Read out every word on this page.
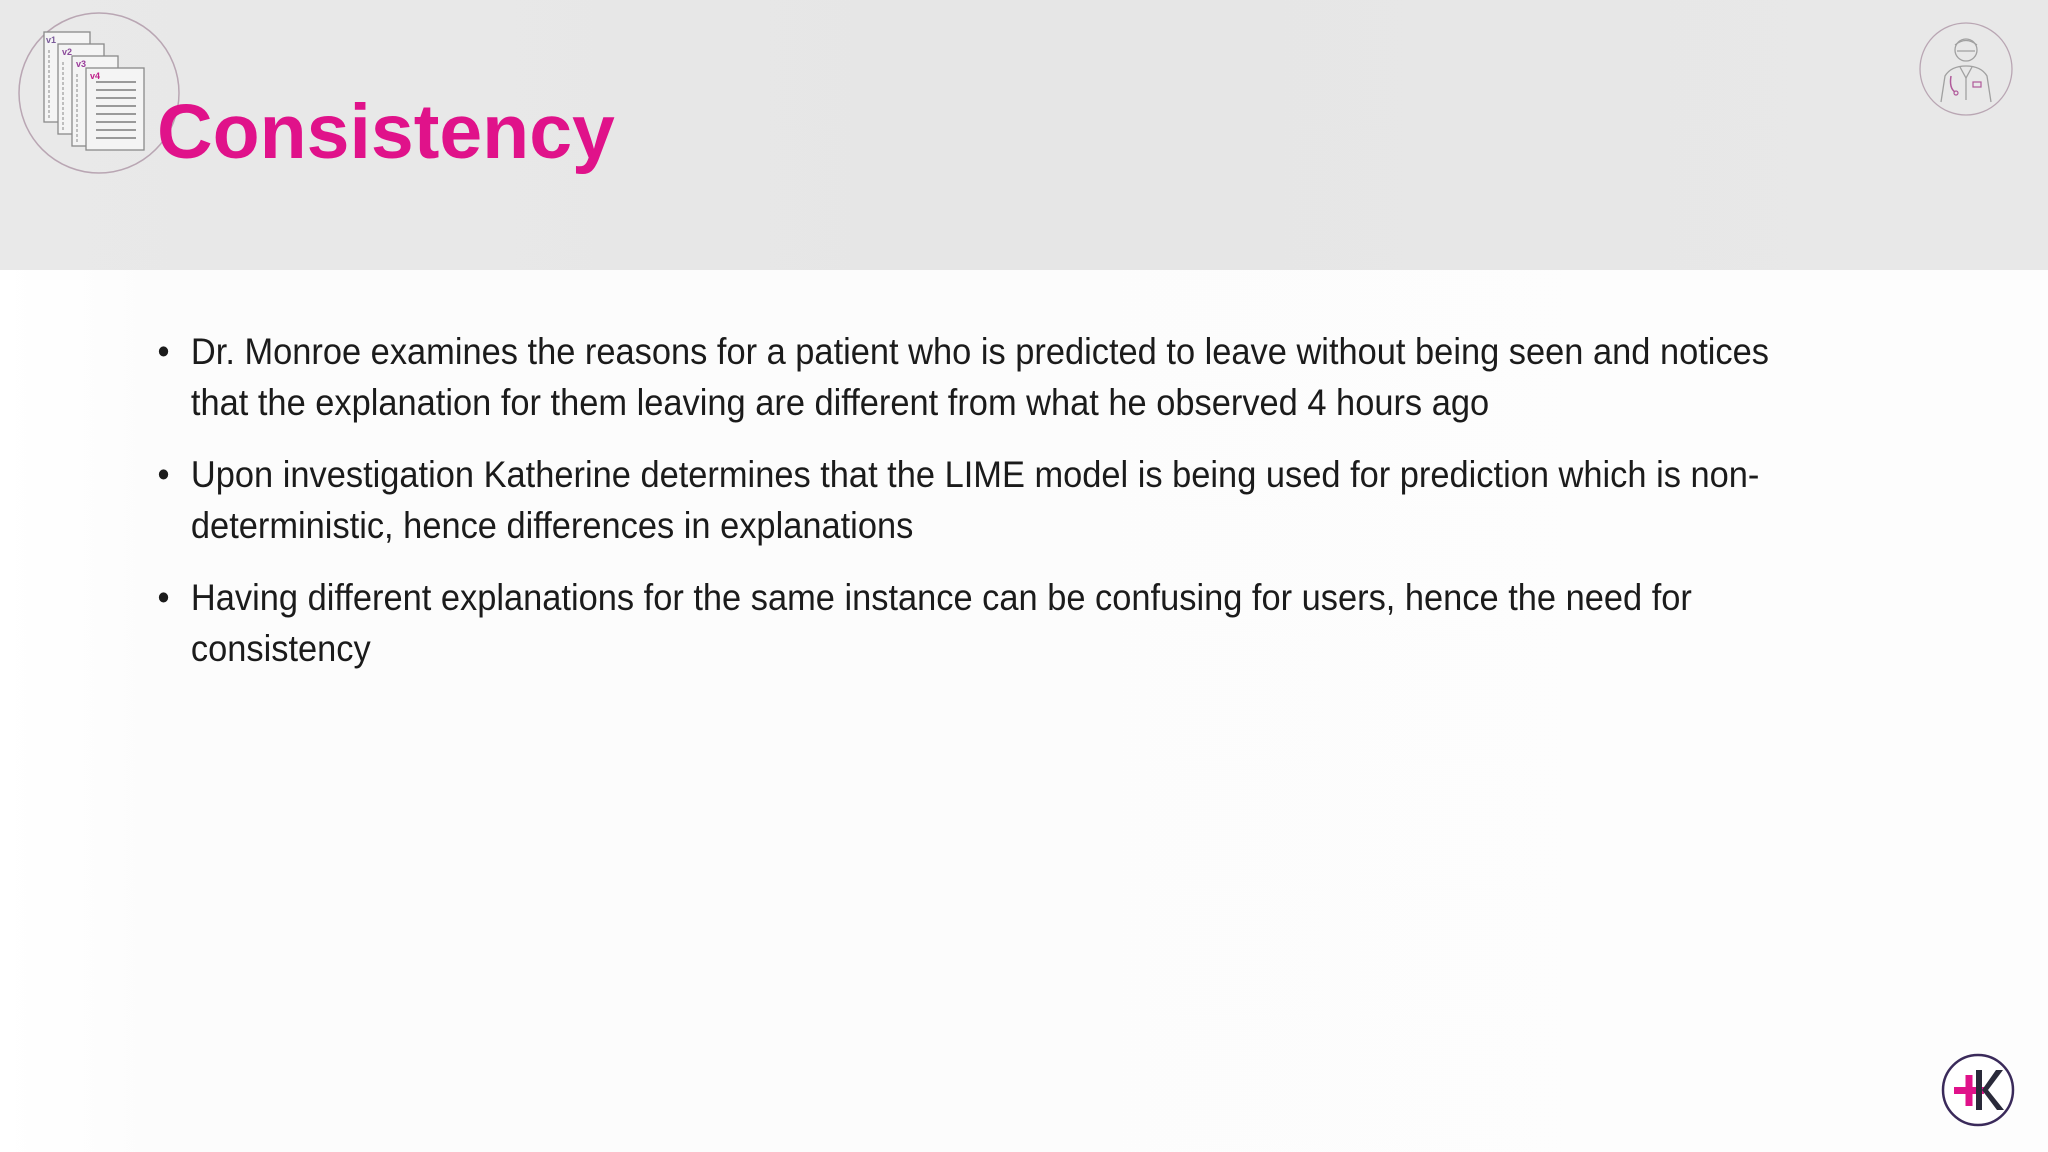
v1
v2
v3
v4
Consistency
• Dr. Monroe examines the reasons for a patient who is predicted to leave without being seen and notices that the explanation for them leaving are different from what he observed 4 hours ago
• Upon investigation Katherine determines that the LIME model is being used for prediction which is non-deterministic, hence differences in explanations
• Having different explanations for the same instance can be confusing for users, hence the need for consistency
